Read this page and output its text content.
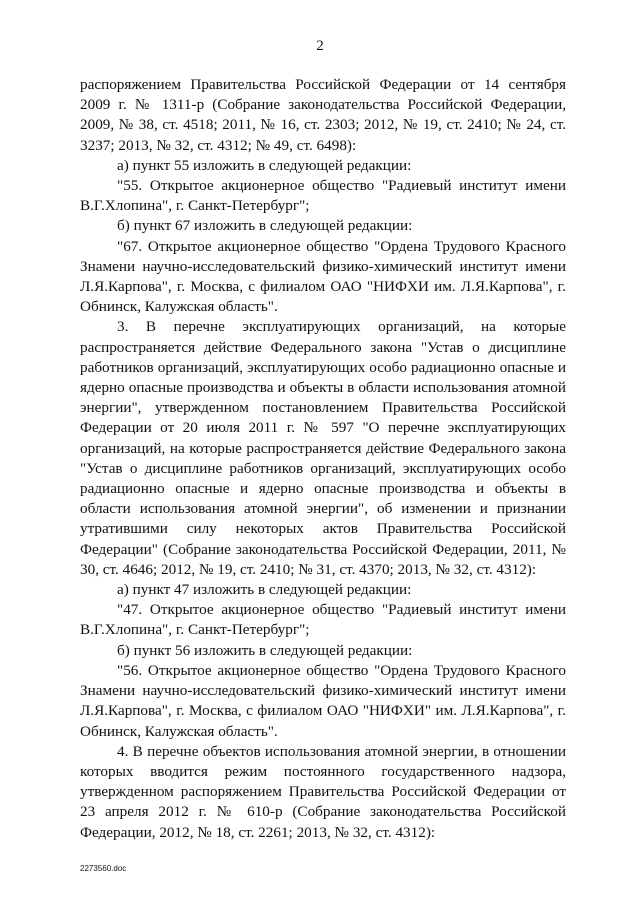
2

распоряжением Правительства Российской Федерации от 14 сентября 2009 г. № 1311-р (Собрание законодательства Российской Федерации, 2009, № 38, ст. 4518; 2011, № 16, ст. 2303; 2012, № 19, ст. 2410; № 24, ст. 3237; 2013, № 32, ст. 4312; № 49, ст. 6498):

а) пункт 55 изложить в следующей редакции:

"55. Открытое акционерное общество "Радиевый институт имени В.Г.Хлопина", г. Санкт-Петербург";

б) пункт 67 изложить в следующей редакции:

"67. Открытое акционерное общество "Ордена Трудового Красного Знамени научно-исследовательский физико-химический институт имени Л.Я.Карпова", г. Москва, с филиалом ОАО "НИФХИ им. Л.Я.Карпова", г. Обнинск, Калужская область".

3. В перечне эксплуатирующих организаций, на которые распространяется действие Федерального закона "Устав о дисциплине работников организаций, эксплуатирующих особо радиационно опасные и ядерно опасные производства и объекты в области использования атомной энергии", утвержденном постановлением Правительства Российской Федерации от 20 июля 2011 г. № 597 "О перечне эксплуатирующих организаций, на которые распространяется действие Федерального закона "Устав о дисциплине работников организаций, эксплуатирующих особо радиационно опасные и ядерно опасные производства и объекты в области использования атомной энергии", об изменении и признании утратившими силу некоторых актов Правительства Российской Федерации" (Собрание законодательства Российской Федерации, 2011, № 30, ст. 4646; 2012, № 19, ст. 2410; № 31, ст. 4370; 2013, № 32, ст. 4312):

а) пункт 47 изложить в следующей редакции:

"47. Открытое акционерное общество "Радиевый институт имени В.Г.Хлопина", г. Санкт-Петербург";

б) пункт 56 изложить в следующей редакции:

"56. Открытое акционерное общество "Ордена Трудового Красного Знамени научно-исследовательский физико-химический институт имени Л.Я.Карпова", г. Москва, с филиалом ОАО "НИФХИ" им. Л.Я.Карпова", г. Обнинск, Калужская область".

4. В перечне объектов использования атомной энергии, в отношении которых вводится режим постоянного государственного надзора, утвержденном распоряжением Правительства Российской Федерации от 23 апреля 2012 г. № 610-р (Собрание законодательства Российской Федерации, 2012, № 18, ст. 2261; 2013, № 32, ст. 4312):

2273560.doc
